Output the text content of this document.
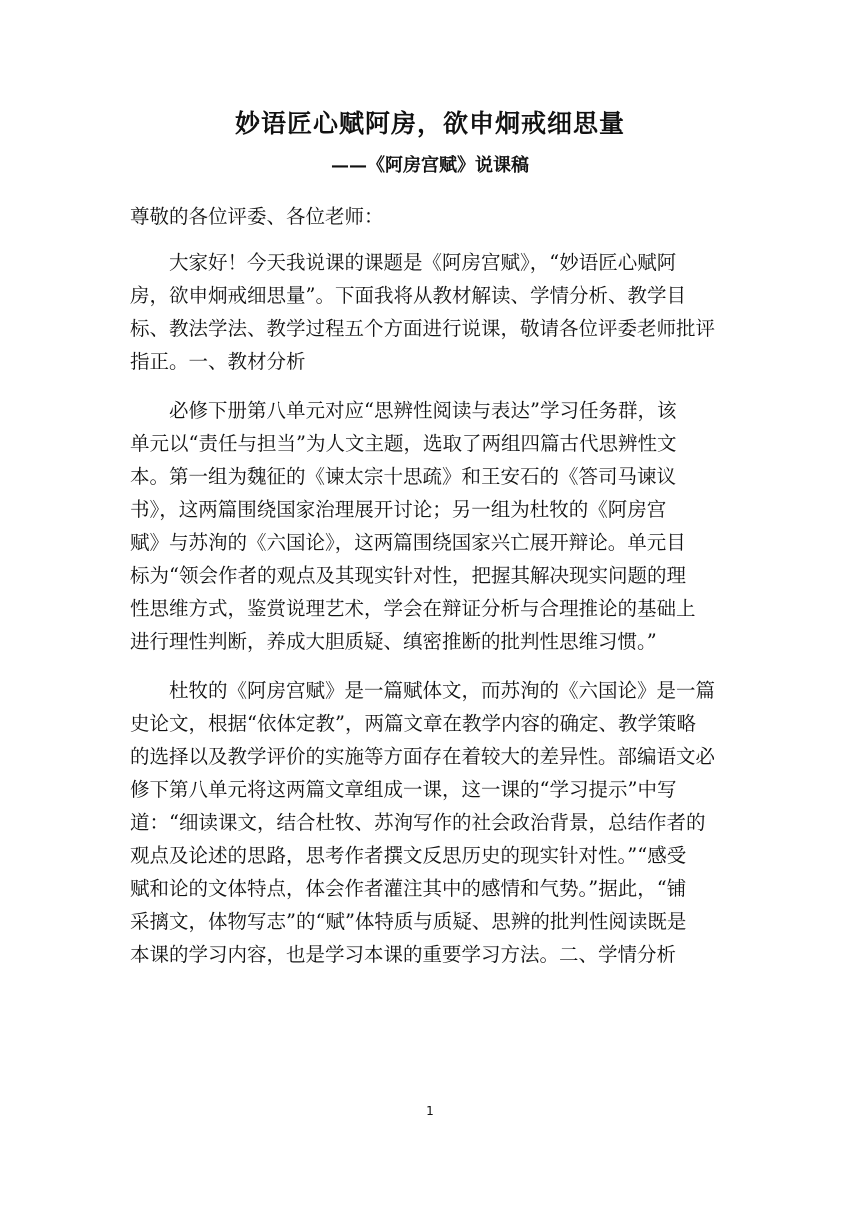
妙语匠心赋阿房，欲申炯戒细思量
——《阿房宫赋》说课稿
尊敬的各位评委、各位老师：
　　大家好！今天我说课的课题是《阿房宫赋》，“妙语匠心赋阿
房，欲申炯戒细思量”。下面我将从教材解读、学情分析、教学目
标、教法学法、教学过程五个方面进行说课，敬请各位评委老师批评
指正。一、教材分析
　　必修下册第八单元对应“思辨性阅读与表达”学习任务群，该
单元以“责任与担当”为人文主题，选取了两组四篇古代思辨性文
本。第一组为魏征的《谏太宗十思疏》和王安石的《答司马谏议
书》，这两篇围绕国家治理展开讨论；另一组为杜牧的《阿房宫
赋》与苏洵的《六国论》，这两篇围绕国家兴亡展开辩论。单元目
标为“领会作者的观点及其现实针对性，把握其解决现实问题的理
性思维方式，鉴赏说理艺术，学会在辩证分析与合理推论的基础上
进行理性判断，养成大胆质疑、缜密推断的批判性思维习惯。”
　　杜牧的《阿房宫赋》是一篇赋体文，而苏洵的《六国论》是一篇
史论文，根据“依体定教”，两篇文章在教学内容的确定、教学策略
的选择以及教学评价的实施等方面存在着较大的差异性。部编语文必
修下第八单元将这两篇文章组成一课，这一课的“学习提示”中写
道：“细读课文，结合杜牧、苏洵写作的社会政治背景，总结作者的
观点及论述的思路，思考作者撰文反思历史的现实针对性。”“感受
赋和论的文体特点，体会作者灌注其中的感情和气势。”据此，“铺
采摛文，体物写志”的“赋”体特质与质疑、思辨的批判性阅读既是
本课的学习内容，也是学习本课的重要学习方法。二、学情分析
1
